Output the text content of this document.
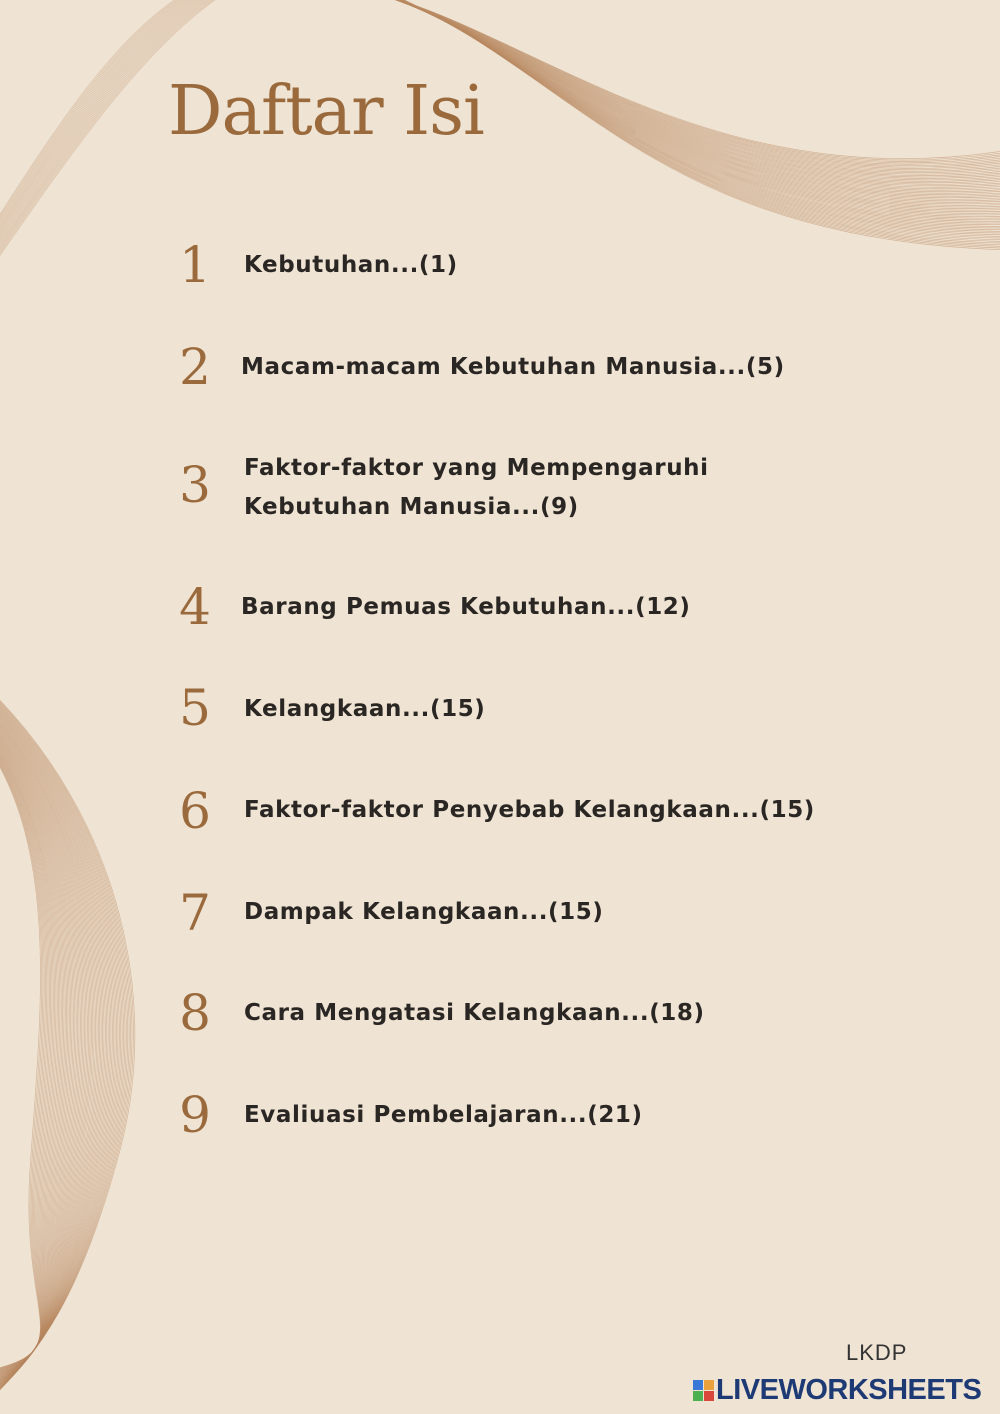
Daftar Isi
1	Kebutuhan...(1)
2	Macam-macam Kebutuhan Manusia...(5)
3	Faktor-faktor yang Mempengaruhi
Kebutuhan Manusia...(9)
4	Barang Pemuas Kebutuhan...(12)
5	Kelangkaan...(15)
6	Faktor-faktor Penyebab Kelangkaan...(15)
7	Dampak Kelangkaan...(15)
8	Cara Mengatasi Kelangkaan...(18)
9	Evaliuasi Pembelajaran...(21)
LKDP
LIVEWORKSHEETS
